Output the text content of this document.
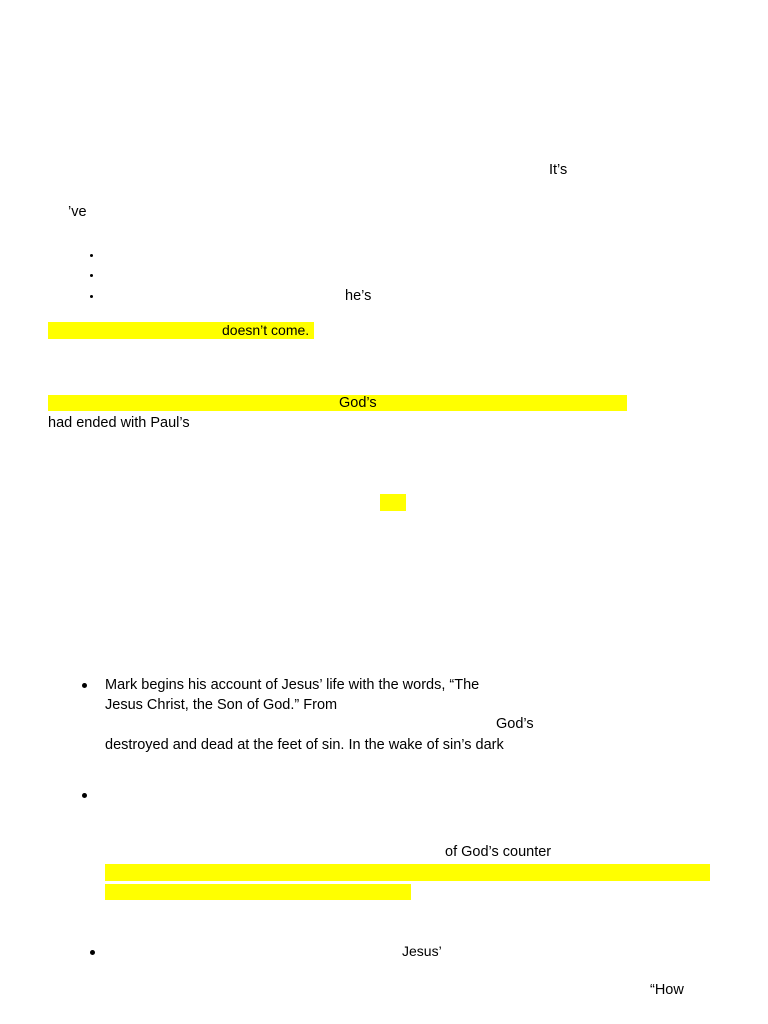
It’s
’ve
he’s
doesn’t come.
God’s
had ended with Paul’s
Mark begins his account of Jesus’ life with the words, “The
Jesus Christ, the Son of God.” From
God’s
destroyed and dead at the feet of sin. In the wake of sin’s dark
of God’s counter
Jesus’
“How
